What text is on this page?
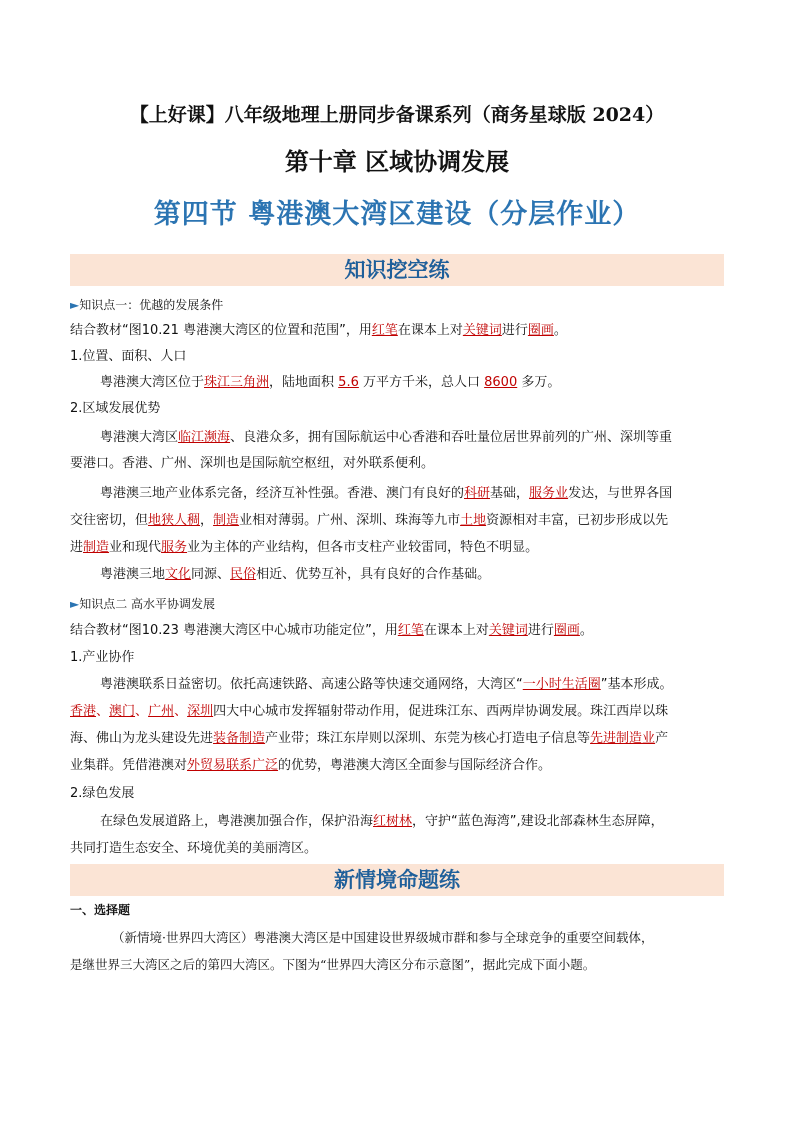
【上好课】八年级地理上册同步备课系列（商务星球版 2024）
第十章 区域协调发展
第四节 粤港澳大湾区建设（分层作业）
知识挖空练
►知识点一：优越的发展条件
结合教材“图10.21 粤港澳大湾区的位置和范围”，用红笔在课本上对关键词进行圈画。
1.位置、面积、人口
粤港澳大湾区位于珠江三角洲，陆地面积 5.6 万平方千米，总人口 8600 多万。
2.区域发展优势
粤港澳大湾区临江濒海、良港众多，拥有国际航运中心香港和吞吐量位居世界前列的广州、深圳等重
要港口。香港、广州、深圳也是国际航空枢纽，对外联系便利。
粤港澳三地产业体系完备，经济互补性强。香港、澳门有良好的科研基础，服务业发达，与世界各国
交往密切，但地狭人稠，制造业相对薄弱。广州、深圳、珠海等九市土地资源相对丰富，已初步形成以先
进制造业和现代服务业为主体的产业结构，但各市支柱产业较雷同，特色不明显。
粤港澳三地文化同源、民俗相近、优势互补，具有良好的合作基础。
►知识点二 高水平协调发展
结合教材“图10.23 粤港澳大湾区中心城市功能定位”，用红笔在课本上对关键词进行圈画。
1.产业协作
粤港澳联系日益密切。依托高速铁路、高速公路等快速交通网络，大湾区“一小时生活圈”基本形成。
香港、澳门、广州、深圳四大中心城市发挥辐射带动作用，促进珠江东、西两岸协调发展。珠江西岸以珠
海、佛山为龙头建设先进装备制造产业带；珠江东岸则以深圳、东莞为核心打造电子信息等先进制造业产
业集群。凭借港澳对外贸易联系广泛的优势，粤港澳大湾区全面参与国际经济合作。
2.绿色发展
在绿色发展道路上，粤港澳加强合作，保护沿海红树林，守护“蓝色海湾”,建设北部森林生态屏障，
共同打造生态安全、环境优美的美丽湾区。
新情境命题练
一、选择题
（新情境·世界四大湾区）粤港澳大湾区是中国建设世界级城市群和参与全球竞争的重要空间载体，
是继世界三大湾区之后的第四大湾区。下图为“世界四大湾区分布示意图”，据此完成下面小题。
